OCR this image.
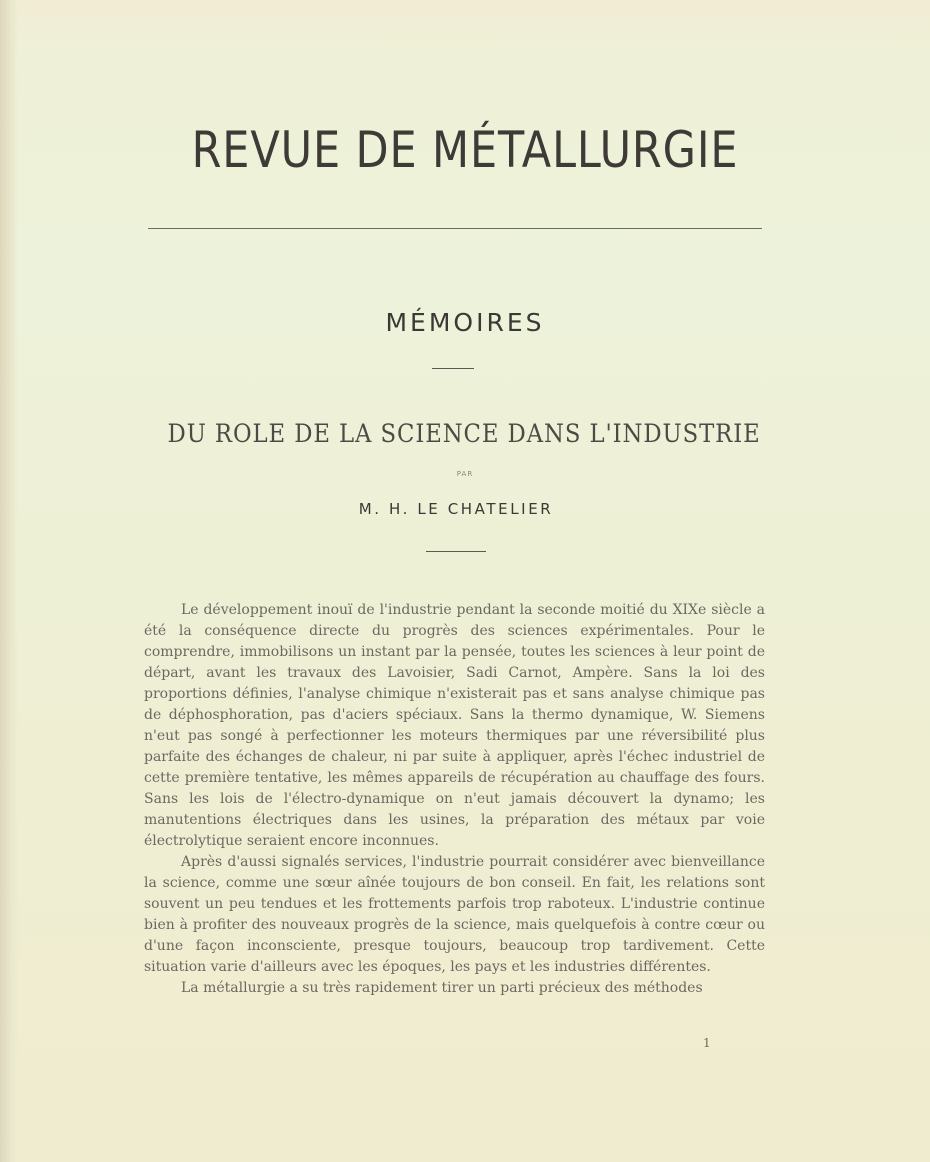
REVUE DE MÉTALLURGIE
MÉMOIRES
DU ROLE DE LA SCIENCE DANS L'INDUSTRIE
PAR
M. H. LE CHATELIER

Le développement inouï de l'industrie pendant la seconde moitié du XIXe siècle a été la conséquence directe du progrès des sciences expérimentales. Pour le comprendre, immobilisons un instant par la pensée, toutes les sciences à leur point de départ, avant les travaux des Lavoisier, Sadi Carnot, Ampère. Sans la loi des proportions définies, l'analyse chimique n'existerait pas et sans analyse chimique pas de déphosphoration, pas d'aciers spéciaux. Sans la thermo dynamique, W. Siemens n'eut pas songé à perfectionner les moteurs thermiques par une réversibilité plus parfaite des échanges de chaleur, ni par suite à appliquer, après l'échec industriel de cette première tentative, les mêmes appareils de récupération au chauffage des fours. Sans les lois de l'électro-dynamique on n'eut jamais découvert la dynamo; les manutentions électriques dans les usines, la préparation des métaux par voie électrolytique seraient encore inconnues.

Après d'aussi signalés services, l'industrie pourrait considérer avec bienveillance la science, comme une sœur aînée toujours de bon conseil. En fait, les relations sont souvent un peu tendues et les frottements parfois trop raboteux. L'industrie continue bien à profiter des nouveaux progrès de la science, mais quelquefois à contre cœur ou d'une façon inconsciente, presque toujours, beaucoup trop tardivement. Cette situation varie d'ailleurs avec les époques, les pays et les industries différentes.

La métallurgie a su très rapidement tirer un parti précieux des méthodes

1
